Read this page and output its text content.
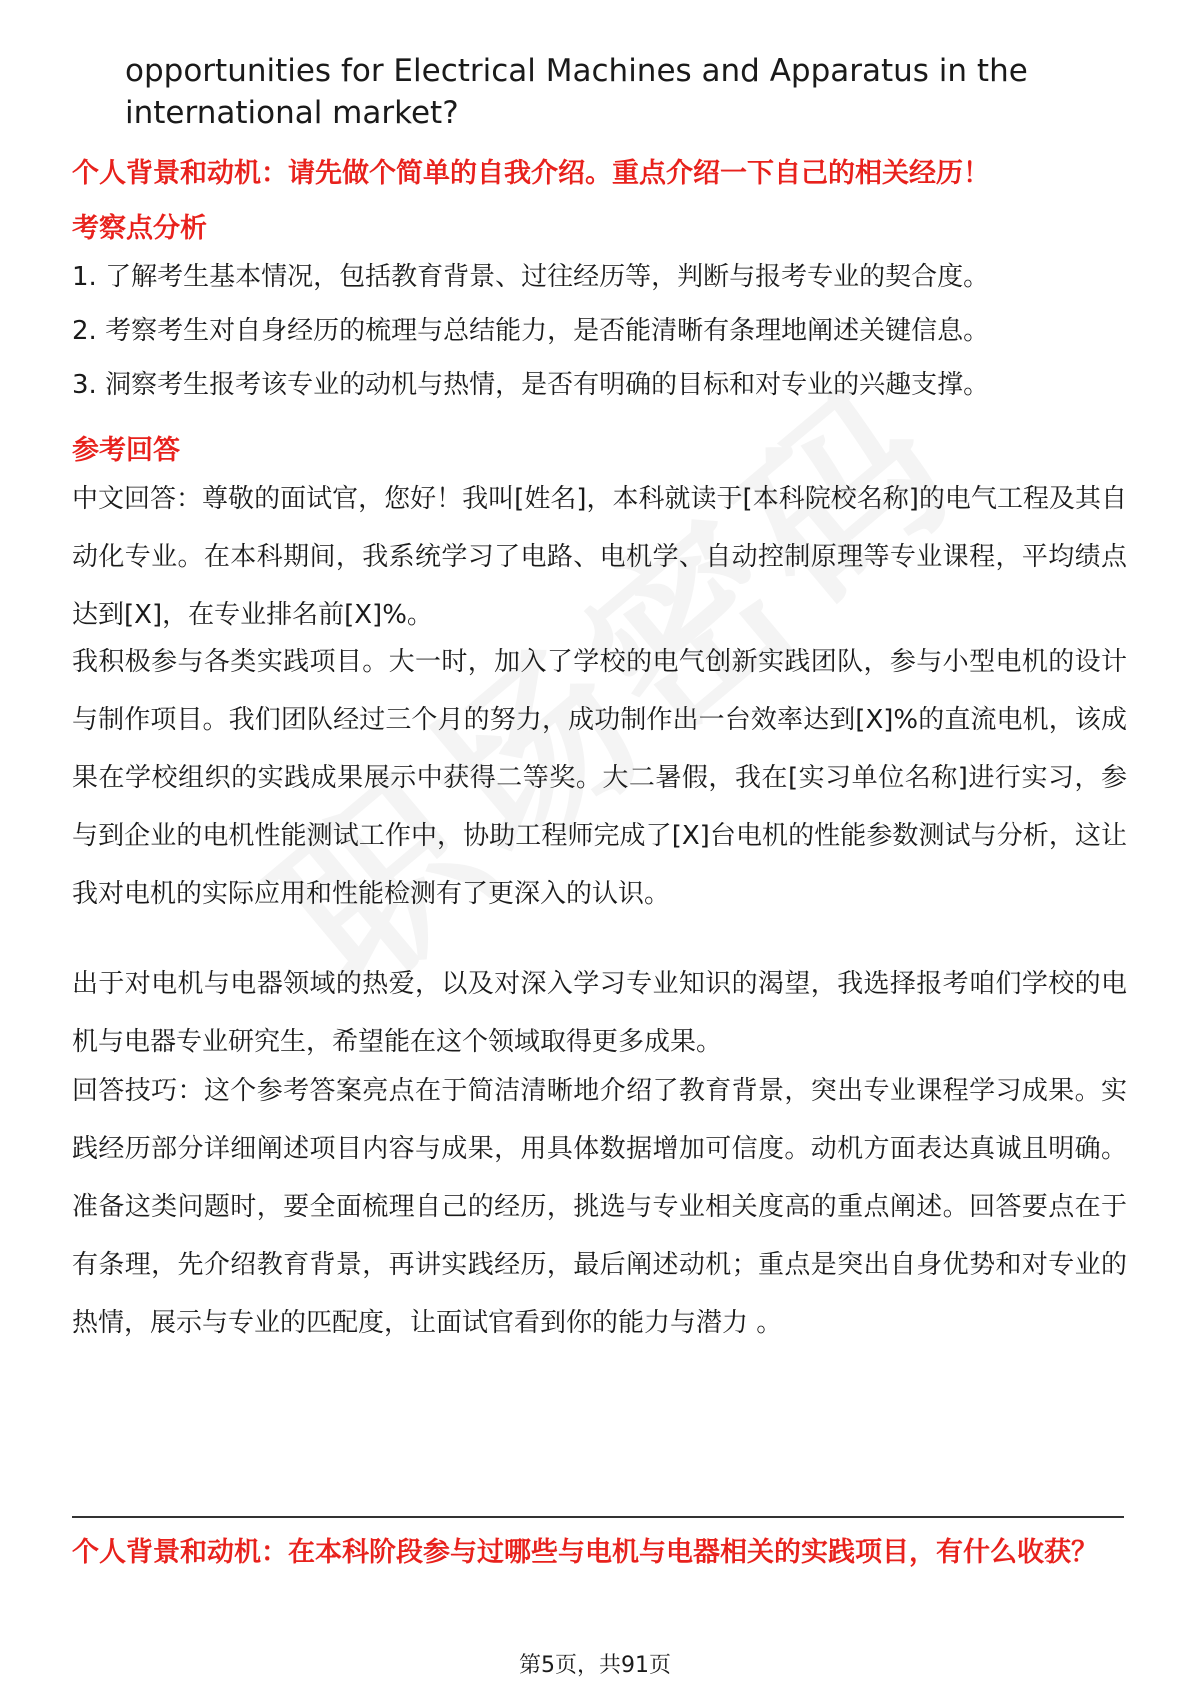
opportunities for Electrical Machines and Apparatus in the international market?
个人背景和动机：请先做个简单的自我介绍。重点介绍一下自己的相关经历！
考察点分析
1. 了解考生基本情况，包括教育背景、过往经历等，判断与报考专业的契合度。
2. 考察考生对自身经历的梳理与总结能力，是否能清晰有条理地阐述关键信息。
3. 洞察考生报考该专业的动机与热情，是否有明确的目标和对专业的兴趣支撑。
参考回答
中文回答：尊敬的面试官，您好！我叫[姓名]，本科就读于[本科院校名称]的电气工程及其自动化专业。在本科期间，我系统学习了电路、电机学、自动控制原理等专业课程，平均绩点达到[X]，在专业排名前[X]%。
我积极参与各类实践项目。大一时，加入了学校的电气创新实践团队，参与小型电机的设计与制作项目。我们团队经过三个月的努力，成功制作出一台效率达到[X]%的直流电机，该成果在学校组织的实践成果展示中获得二等奖。大二暑假，我在[实习单位名称]进行实习，参与到企业的电机性能测试工作中，协助工程师完成了[X]台电机的性能参数测试与分析，这让我对电机的实际应用和性能检测有了更深入的认识。
出于对电机与电器领域的热爱，以及对深入学习专业知识的渴望，我选择报考咱们学校的电机与电器专业研究生，希望能在这个领域取得更多成果。
回答技巧：这个参考答案亮点在于简洁清晰地介绍了教育背景，突出专业课程学习成果。实践经历部分详细阐述项目内容与成果，用具体数据增加可信度。动机方面表达真诚且明确。准备这类问题时，要全面梳理自己的经历，挑选与专业相关度高的重点阐述。回答要点在于有条理，先介绍教育背景，再讲实践经历，最后阐述动机；重点是突出自身优势和对专业的热情，展示与专业的匹配度，让面试官看到你的能力与潜力 。
个人背景和动机：在本科阶段参与过哪些与电机与电器相关的实践项目，有什么收获？
第5页，共91页
